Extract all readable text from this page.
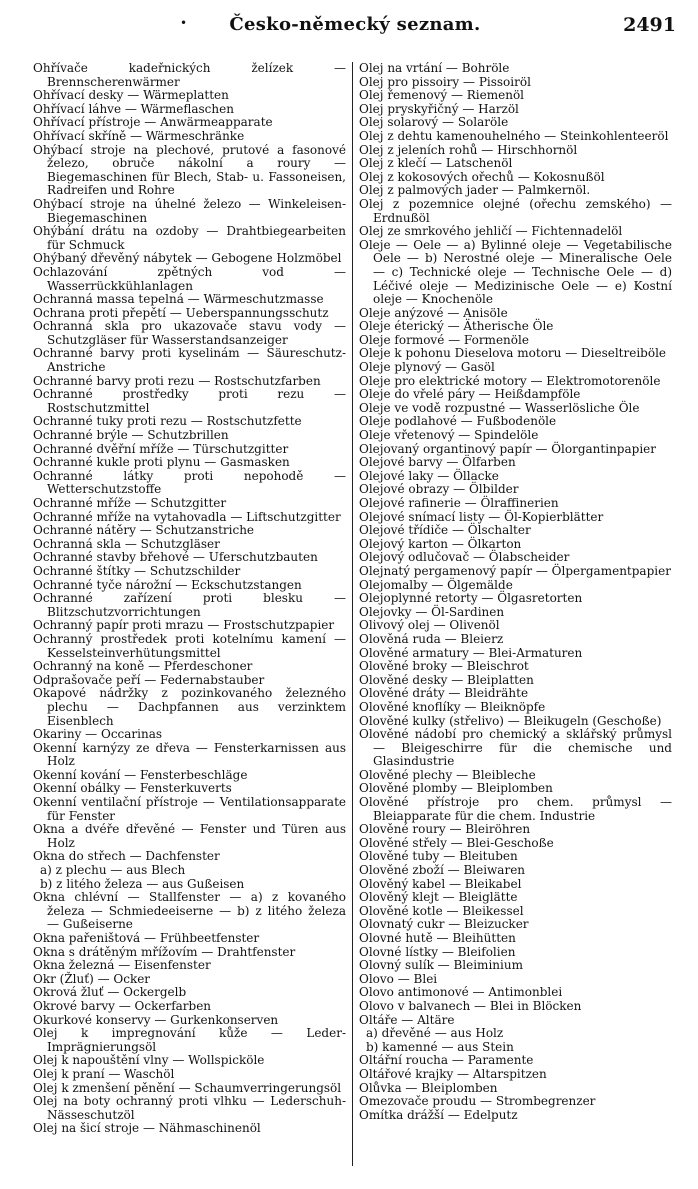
•	Česko-německý seznam.	2491

Ohřívače kadeřnických želízek — Brennscherenwärmer

Ohřívací desky — Wärmeplatten

Ohřívací láhve — Wärmeflaschen

Ohřívací přístroje — Anwärmeapparate

Ohřívací skříně — Wärmeschränke

Ohýbací stroje na plechové, prutové a fasonové železo, obruče nákolní a roury — Biegemaschinen für Blech, Stab- u. Fassoneisen, Radreifen und Rohre

Ohýbací stroje na úhelné železo — Winkeleisen-Biegemaschinen

Ohýbání drátu na ozdoby — Drahtbiegearbeiten für Schmuck

Ohýbaný dřevěný nábytek — Gebogene Holzmöbel

Ochlazování zpětných vod — Wasserrückkühlanlagen

Ochranná massa tepelná — Wärmeschutzmasse

Ochrana proti přepětí — Ueberspannungsschutz

Ochranná skla pro ukazovače stavu vody — Schutzgläser für Wasserstandsanzeiger

Ochranné barvy proti kyselinám — Säureschutz-Anstriche

Ochranné barvy proti rezu — Rostschutzfarben

Ochranné prostředky proti rezu — Rostschutzmittel

Ochranné tuky proti rezu — Rostschutzfette

Ochranné brýle — Schutzbrillen

Ochranné dvěřní mříže — Türschutzgitter

Ochranné kukle proti plynu — Gasmasken

Ochranné látky proti nepohodě — Wetterschutzstoffe

Ochranné mříže — Schutzgitter

Ochranné mříže na vytahovadla — Liftschutzgitter

Ochranné nátěry — Schutzanstriche

Ochranná skla — Schutzgläser

Ochranné stavby břehové — Uferschutzbauten

Ochranné štítky — Schutzschilder

Ochranné tyče nárožní — Eckschutzstangen

Ochranné zařízení proti blesku — Blitzschutzvorrichtungen

Ochranný papír proti mrazu — Frostschutzpapier

Ochranný prostředek proti kotelnímu kamení — Kesselsteinverhütungsmittel

Ochranný na koně — Pferdeschoner

Odprašovače peří — Federnabstauber

Okapové nádržky z pozinkovaného železného plechu — Dachpfannen aus verzinktem Eisenblech

Okariny — Occarinas

Okenní karnýzy ze dřeva — Fensterkarnissen aus Holz

Okenní kování — Fensterbeschläge

Okenní obálky — Fensterkuverts

Okenní ventilační přístroje — Ventilationsapparate für Fenster

Okna a dvéře dřevěné — Fenster und Türen aus Holz

Okna do střech — Dachfenster

a) z plechu — aus Blech

b) z litého železa — aus Gußeisen

Okna chlévní — Stallfenster — a) z kovaného železa — Schmiedeeiserne — b) z litého železa — Gußeiserne

Okna pařeništová — Frühbeetfenster

Okna s drátěným mřížovím — Drahtfenster

Okna železná — Eisenfenster

Okr (Žluť) — Ocker

Okrová žluť — Ockergelb

Okrové barvy — Ockerfarben

Okurkové konservy — Gurkenkonserven

Olej k impregnování kůže — Leder-Imprägnierungsöl

Olej k napouštění vlny — Wollspicköle

Olej k praní — Waschöl

Olej k zmenšení pěnění — Schaumverringerungsöl

Olej na boty ochranný proti vlhku — Lederschuh-Nässeschutzöl

Olej na šicí stroje — Nähmaschinenöl

Olej na vrtání — Bohröle

Olej pro pissoiry — Pissoiröl

Olej řemenový — Riemenöl

Olej pryskyřičný — Harzöl

Olej solarový — Solaröle

Olej z dehtu kamenouhelného — Steinkohlenteeröl

Olej z jeleních rohů — Hirschhornöl

Olej z klečí — Latschenöl

Olej z kokosových ořechů — Kokosnußöl

Olej z palmových jader — Palmkernöl.

Olej z pozemnice olejné (ořechu zemského) — Erdnußöl

Olej ze smrkového jehličí — Fichtennadelöl

Oleje — Oele — a) Bylinné oleje — Vegetabilische Oele — b) Nerostné oleje — Mineralische Oele — c) Technické oleje — Technische Oele — d) Léčivé oleje — Medizinische Oele — e) Kostní oleje — Knochenöle

Oleje anýzové — Anisöle

Oleje éterický — Ätherische Öle

Oleje formové — Formenöle

Oleje k pohonu Dieselova motoru — Dieseltreiböle

Oleje plynový — Gasöl

Oleje pro elektrické motory — Elektromotorenöle

Oleje do vřelé páry — Heißdampföle

Oleje ve vodě rozpustné — Wasserlösliche Öle

Oleje podlahové — Fußbodenöle

Oleje vřetenový — Spindelöle

Olejovaný organtinový papír — Ölorgantinpapier

Olejové barvy — Ölfarben

Olejové laky — Öllacke

Olejové obrazy — Ölbilder

Olejové rafinerie — Ölraffinerien

Olejové snímací listy — Öl-Kopierblätter

Olejové třídiče — Ölschalter

Olejový karton — Ölkarton

Olejový odlučovač — Ölabscheider

Olejnatý pergamenový papír — Ölpergamentpapier

Olejomalby — Ölgemälde

Olejoplynné retorty — Ölgasretorten

Olejovky — Öl-Sardinen

Olivový olej — Olivenöl

Olověná ruda — Bleierz

Olověné armatury — Blei-Armaturen

Olověné broky — Bleischrot

Olověné desky — Bleiplatten

Olověné dráty — Bleidrähte

Olověné knoflíky — Bleiknöpfe

Olověné kulky (střelivo) — Bleikugeln (Geschoße)

Olověné nádobí pro chemický a sklářský průmysl — Bleigeschirre für die chemische und Glasindustrie

Olověné plechy — Bleibleche

Olověné plomby — Bleiplomben

Olověné přístroje pro chem. průmysl — Bleiapparate für die chem. Industrie

Olověné roury — Bleiröhren

Olověné střely — Blei-Geschoße

Olověné tuby — Bleituben

Olověné zboží — Bleiwaren

Olověný kabel — Bleikabel

Olověný klejt — Bleiglätte

Olověné kotle — Bleikessel

Olovnatý cukr — Bleizucker

Olovné hutě — Bleihütten

Olovné lístky — Bleifolien

Olovný sulík — Bleiminium

Olovo — Blei

Olovo antimonové — Antimonblei

Olovo v balvanech — Blei in Blöcken

Oltáře — Altäre

a) dřevěné — aus Holz

b) kamenné — aus Stein

Oltářní roucha — Paramente

Oltářové krajky — Altarspitzen

Olůvka — Bleiplomben

Omezovače proudu — Strombegrenzer

Omítka drážší — Edelputz
